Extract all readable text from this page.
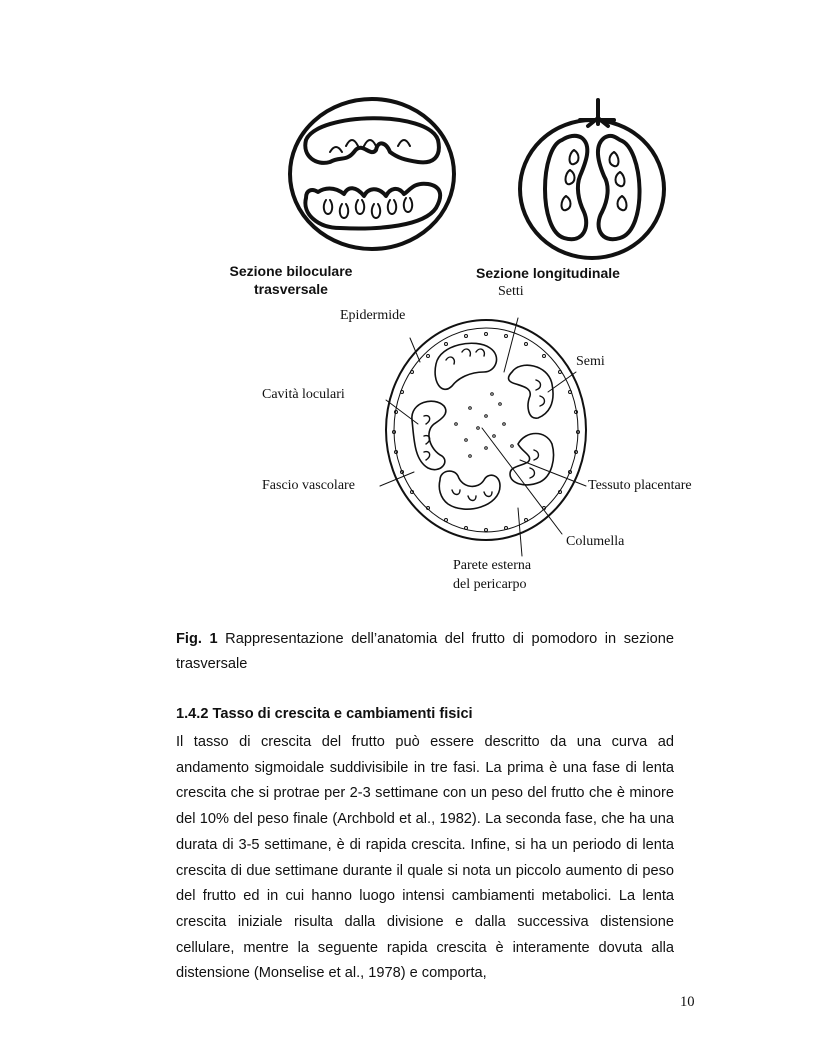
Sezione biloculare
trasversale
Sezione longitudinale
Setti
Epidermide
Semi
Cavità loculari
Fascio vascolare	Tessuto placentare
Columella
Parete esterna
del pericarpo
Fig. 1 Rappresentazione dell’anatomia del frutto di pomodoro in sezione trasversale
1.4.2 Tasso di crescita e cambiamenti fisici
Il tasso di crescita del frutto può essere descritto da una curva ad andamento sigmoidale suddivisibile in tre fasi. La prima è una fase di lenta crescita che si protrae per 2-3 settimane con un peso del frutto che è minore del 10% del peso finale (Archbold et al., 1982). La seconda fase, che ha una durata di 3-5 settimane, è di rapida crescita. Infine, si ha un periodo di lenta crescita di due settimane durante il quale si nota un piccolo aumento di peso del frutto ed in cui hanno luogo intensi cambiamenti metabolici. La lenta crescita iniziale risulta dalla divisione e dalla successiva distensione cellulare, mentre la seguente rapida crescita è interamente dovuta alla distensione (Monselise et al., 1978) e comporta,
10
